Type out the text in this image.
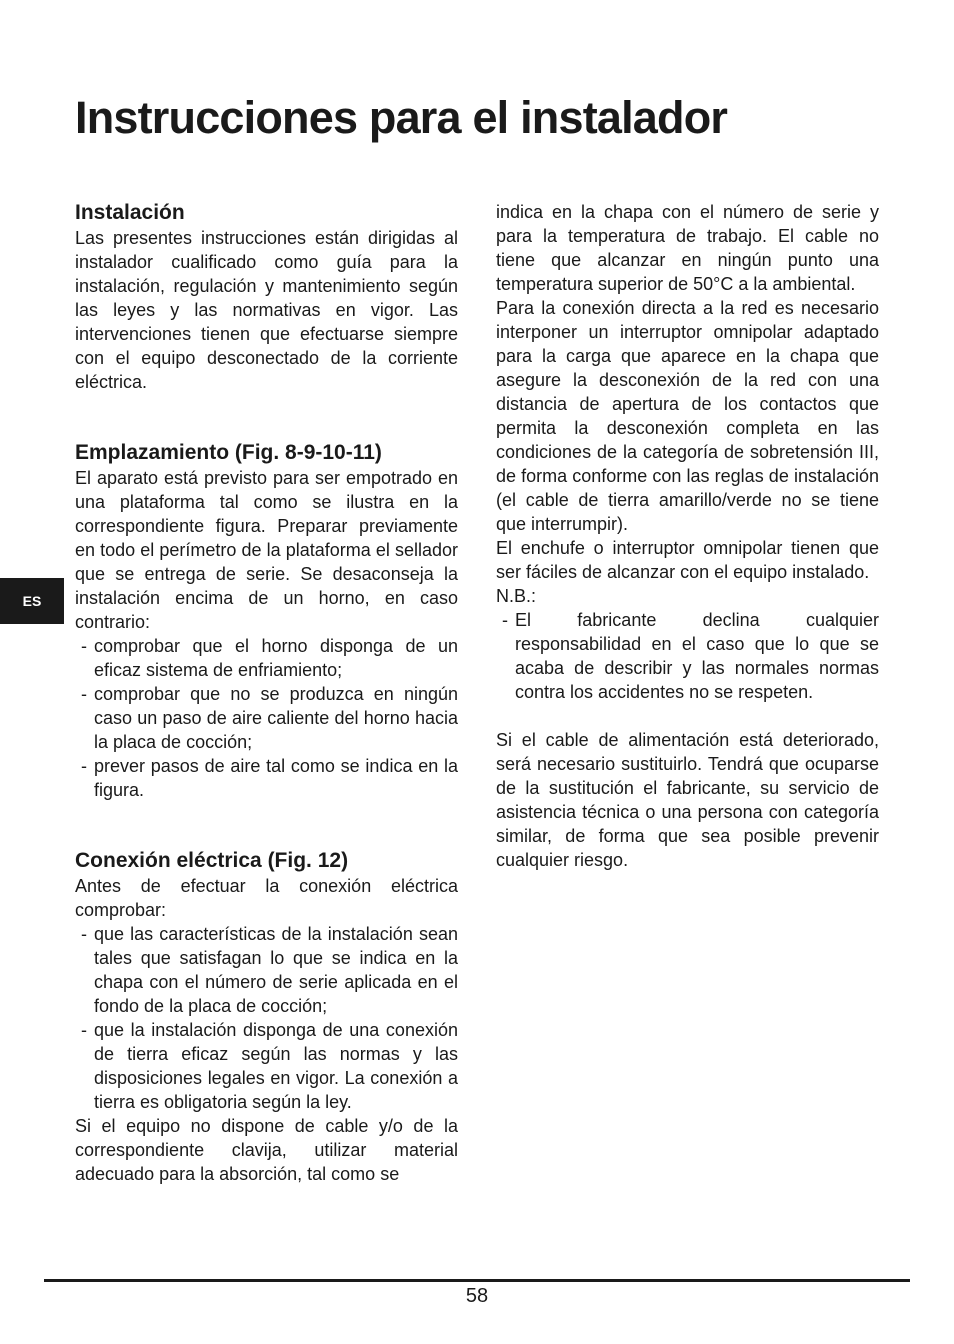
Instrucciones para el instalador
ES
Instalación

Las presentes instrucciones están dirigidas al instalador cualificado como guía para la instalación, regulación y mantenimiento según las leyes y las normativas en vigor. Las intervenciones tienen que efectuarse siempre con el equipo desconectado de la corriente eléctrica.

Emplazamiento (Fig. 8-9-10-11)

El aparato está previsto para ser empotrado en una plataforma tal como se ilustra en la correspondiente figura. Preparar previamente en todo el perímetro de la plataforma el sellador que se entrega de serie. Se desaconseja la instalación encima de un horno, en caso contrario:

- comprobar que el horno disponga de un eficaz sistema de enfriamiento;
- comprobar que no se produzca en ningún caso un paso de aire caliente del horno hacia la placa de cocción;
- prever pasos de aire tal como se indica en la figura.
Conexión eléctrica (Fig. 12)

Antes de efectuar la conexión eléctrica comprobar:

- que las características de la instalación sean tales que satisfagan lo que se indica en la chapa con el número de serie aplicada en el fondo de la placa de cocción;
- que la instalación disponga de una conexión de tierra eficaz según las normas y las disposiciones legales en vigor. La conexión a tierra es obligatoria según la ley.

Si el equipo no dispone de cable y/o de la correspondiente clavija, utilizar material adecuado para la absorción, tal como se

indica en la chapa con el número de serie y para la temperatura de trabajo. El cable no tiene que alcanzar en ningún punto una temperatura superior de 50°C a la ambiental.

Para la conexión directa a la red es necesario interponer un interruptor omnipolar adaptado para la carga que aparece en la chapa que asegure la desconexión de la red con una distancia de apertura de los contactos que permita la desconexión completa en las condiciones de la categoría de sobretensión III, de forma conforme con las reglas de instalación (el cable de tierra amarillo/verde no se tiene que interrumpir).

El enchufe o interruptor omnipolar tienen que ser fáciles de alcanzar con el equipo instalado.

N.B.:

- El fabricante declina cualquier responsabilidad en el caso que lo que se acaba de describir y las normales normas contra los accidentes no se respeten.

Si el cable de alimentación está deteriorado, será necesario sustituirlo. Tendrá que ocuparse de la sustitución el fabricante, su servicio de asistencia técnica o una persona con categoría similar, de forma que sea posible prevenir cualquier riesgo.

58
